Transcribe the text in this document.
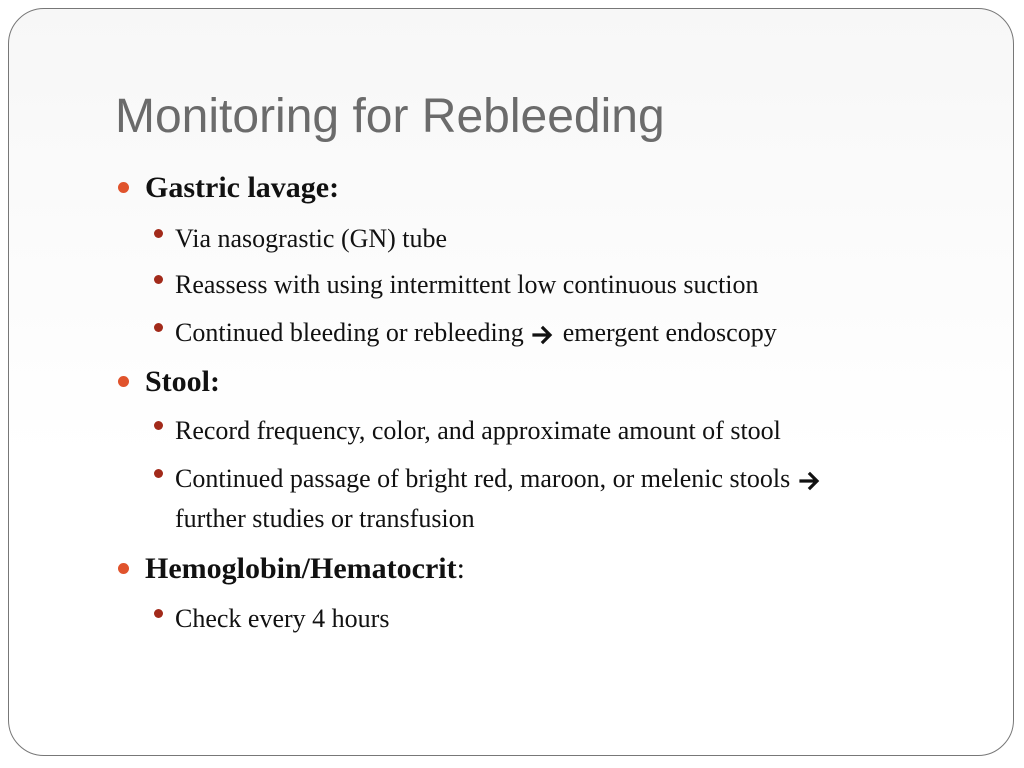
Monitoring for Rebleeding
Gastric lavage:
Via nasograstic (GN) tube
Reassess with using intermittent low continuous suction
Continued bleeding or rebleeding emergent endoscopy
Stool:
Record frequency, color, and approximate amount of stool
Continued passage of bright red, maroon, or melenic stools
further studies or transfusion
Hemoglobin/Hematocrit:
Check every 4 hours
